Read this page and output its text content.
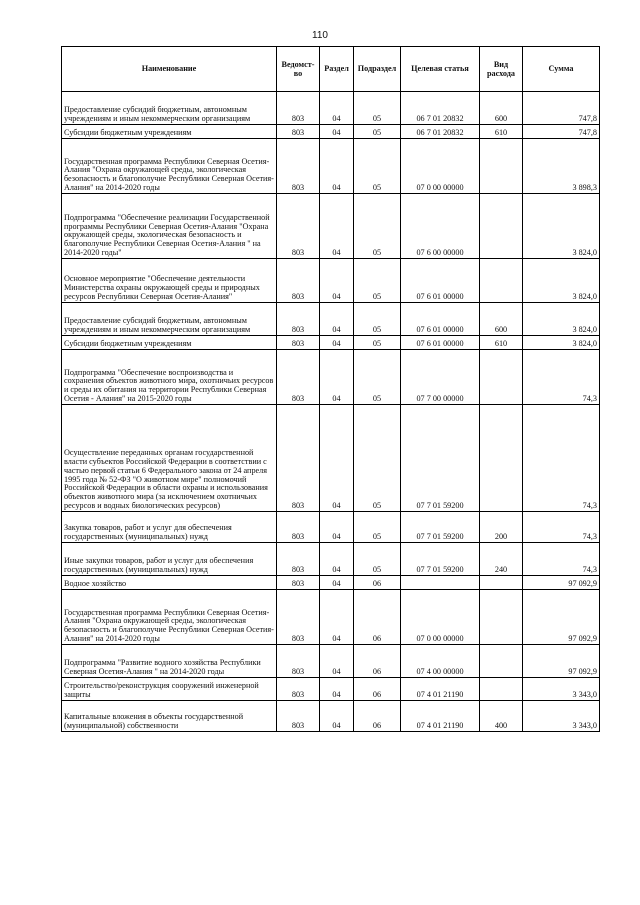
110
Наименование	Ведомст-во	Раздел	Подраздел	Целевая статья	Вид расхода	Сумма
Предоставление субсидий бюджетным, автономным учреждениям и иным некоммерческим организациям	803	04	05	06 7 01 20832	600	747,8
Субсидии бюджетным учреждениям	803	04	05	06 7 01 20832	610	747,8
Государственная программа Республики Северная Осетия-Алания "Охрана окружающей среды, экологическая безопасность и благополучие Республики Северная Осетия-Алания" на 2014-2020 годы	803	04	05	07 0 00 00000		3 898,3
Подпрограмма "Обеспечение реализации Государственной программы Республики Северная Осетия-Алания "Охрана окружающей среды, экологическая безопасность и благополучие Республики Северная Осетия-Алания " на 2014-2020 годы"	803	04	05	07 6 00 00000		3 824,0
Основное мероприятие "Обеспечение деятельности Министерства охраны окружающей среды и природных ресурсов Республики Северная Осетия-Алания"	803	04	05	07 6 01 00000		3 824,0
Предоставление субсидий бюджетным, автономным учреждениям и иным некоммерческим организациям	803	04	05	07 6 01 00000	600	3 824,0
Субсидии бюджетным учреждениям	803	04	05	07 6 01 00000	610	3 824,0
Подпрограмма "Обеспечение воспроизводства и сохранения объектов животного мира, охотничьих ресурсов и среды их обитания на территории Республики Северная Осетия - Алания" на 2015-2020 годы	803	04	05	07 7 00 00000		74,3
Осуществление переданных органам государственной власти субъектов Российской Федерации в соответствии с частью первой статьи 6 Федерального закона от 24 апреля 1995 года № 52-ФЗ "О животном мире" полномочий Российской Федерации в области охраны и использования объектов животного мира (за исключением охотничьих ресурсов и водных биологических ресурсов)	803	04	05	07 7 01 59200		74,3
Закупка товаров, работ и услуг для обеспечения государственных (муниципальных) нужд	803	04	05	07 7 01 59200	200	74,3
Иные закупки товаров, работ и услуг для обеспечения государственных (муниципальных) нужд	803	04	05	07 7 01 59200	240	74,3
Водное хозяйство	803	04	06			97 092,9
Государственная программа Республики Северная Осетия-Алания "Охрана окружающей среды, экологическая безопасность и благополучие Республики Северная Осетия-Алания" на 2014-2020 годы	803	04	06	07 0 00 00000		97 092,9
Подпрограмма "Развитие водного хозяйства Республики Северная Осетия-Алания " на 2014-2020 годы	803	04	06	07 4 00 00000		97 092,9
Строительство/реконструкция сооружений инженерной защиты	803	04	06	07 4 01 21190		3 343,0
Капитальные вложения в объекты государственной (муниципальной) собственности	803	04	06	07 4 01 21190	400	3 343,0
